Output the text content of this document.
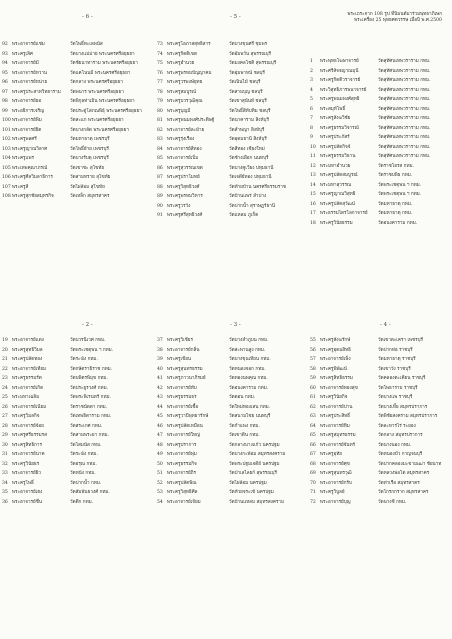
- 6 -	- 5 -	พระเถระจาก 108 รูป ที่นิมนต์มาร่วมพุทธาภิเษก
พระเครื่อง 25 พุทธศตวรรษ เมื่อปี พ.ศ.2500
92 พระอาจารย์แช่ม	วัดโพธิ์ทะเลพนัส
93 พระครูเลิศ	วัดบางแม่ม่าย พระนครศรีอยุธยา
94 พระอาจารย์มี	วัดชัยนาทาราม พระนครศรีอยุธยา
95 พระอาจารย์หวาน	วัดแคโนนมี พระนครศรีอยุธยา
96 พระอาจารย์หน่าย	วัดกลาง พระนครศรีอยุธยา
97 พระครูประสาทวิทยาราม	วัดพนาร พระนครศรีอยุธยา
98 พระอาจารย์ยอ	วัดพิกุลท่าเมิน พระนครศรีอยุธยา
99 พระอธิการเจริญ	วัดประดู่โสภณพิธุ์ พระนครศรีอยุธยา
100 พระอาจารย์พิม	วัดสะแก พระนครศรีอยุธยา
101 พระอาจารย์ยิด	วัดบางกลัด พระนครศรีอยุธยา
102 พระครูพลศรี	วัดมหาธาตุ เพชรบุรี
103 พระครูญาณวิลาศ	วัดโพธิ์ย้าย เพชรบุรี
104 พระครูแพร	วัดบางรับดุ เพชรบุรี
105 พระเทพคุณาภรณ์	วัดเขาชะ สุโขทัย
106 พระครูศีลวิมลาธิการ	วัดสามทราย สุโขทัย
107 พระครูสี	วัดไผ่ล้อม สุโขทัย
108 พระครูสุกชัยสมุทรกิจ	วัดเหล็ก สมุทรสาคร
73 พระครูโอภาสสุทธิสาร	วัดบางขุนศรี ชุมพร
74 พระครูกิตติเขต	วัดอัมพวัน สุพรรณบุรี
75 พระครูอำนวย	วัดมงคลโชติ สุพรรณบุรี
76 พระครูพรหมปัญญาคม	วัดอุ่มพาหน์ ชลบุรี
77 พระครูวรพงษ์ยุทธ	วัดเนินไม้ ชลบุรี
78 พระครูสมบูรณ์	วัดสามบุญ ชลบุรี
79 พระครูบวรวุฒิคุณ	วัดเขาสุนันท์ ชลบุรี
80 พระครูบุญมี	วัดโพธิ์สีทับทิม ชลบุรี
81 พระครูพนมพงศ์ประดิษฐ์	วัดนาคาราม สิงห์บุรี
82 พระอาจารย์ละม้าย	วัดลำพญา สิงห์บุรี
83 พระครูรุ่งเรือง	วัดอุดมธานี สิงห์บุรี
84 พระอาจารย์สีทอง	วัดสีทอง เชียงใหม่
85 พระอาจารย์เบิ่ม	วัดช้างเผือก นนทบุรี
86 พระครูสุวรรณเขต	วัดบางคูเวียง ปทุมธานี
87 พระครูปราโมทย์	วัดเจดีย์ทอง ปทุมธานี
88 พระครูวิสุทธิวงศ์	วัดท้ายบ้าน นครศรีธรรมราช
89 พระครูพรหมวิหาร	วัดบ้านแพร่ ลำปาง
90 พระครูวรวัง	วัดปากน้ำ สุราษฎร์ธานี
91 พระครูศรีสุทธิวงศ์	วัดแหลม ภูเก็ต
1	พระพุทธโฆษาจารย์	วัดสุทัศนเทพวราราม กทม.
2	พระศรีสัจจญาณมุนี	วัดสุทัศนเทพวราราม กทม.
3	พระครูกิตติวราจารย์	วัดสุทัศนเทพวราราม กทม.
4	พระวิสุทธิภารพนาจารย์	วัดสุทัศนเทพวราราม กทม.
5	พระครูพนมพงศ์สุทธิ	วัดสุทัศนเทพวราราม กทม.
6	พระสมุห์โพธิ์	วัดสุทัศนเทพวราราม กทม.
7	พระครูสังฆวิชัย	วัดสุทัศนเทพวราราม กทม.
8	พระครูธรรมวิจารณ์	วัดสุทัศนเทพวราราม กทม.
9	พระครูประภัสร์	วัดสุทัศนเทพวราราม กทม.
10 พระครูปลัดกิจจ์	วัดสุทัศนเทพวราราม กทม.
11 พระครูธรรมวิธาน	วัดสุทัศนเทพวราราม กทม.
12 พระมหาอำนวย	วัดราชโอรส กทม.
13 พระครูปลัดสมบูรณ์	วัดราชบพิธ กทม.
14 พระมหาสุวรรณ	วัดพระเชตุพน ฯ กทม.
15 พระครูญาณวิสุทธิ	วัดพระเชตุพน ฯ กทม.
16 พระครูปลัดสุวัฒน์	วัดมหาธาตุ กทม.
17 พระธรรมไตรโลกาจารย์	วัดมหาธาตุ กทม.
18 พระครูวินัยธรรม	วัดอนงคาราม กทม.
- 2 -	- 3 -	- 4 -
19 พระอาจารย์แดง	วัดบวรนิเวศ กทม.
20 พระครูสุทธิวิมล	วัดพระเชตุพน ฯ กทม.
21 พระครูปลัดทอง	วัดระฆัง กทม.
22 พระอาจารย์เทียม	วัดกษัตราธิราช กทม.
23 พระครูธรรมรัต	วัดบพิตรพิมุข กทม.
24 พระอาจารย์เกิด	วัดประยูรวงศ์ กทม.
25 พระมหาเฉลิม	วัดพระพิเรนทร์ กทม.
26 พระอาจารย์เนียม	วัดราชนัดดา กทม.
27 พระครูวิมลกิจ	วัดเทพธิดาราม กทม.
28 พระอาจารย์จ้อย	วัดสระเกศ กทม.
29 พระครูศรีธรรมรส	วัดสามพระยา กทม.
30 พระครูสิทธิการ	วัดโสมนัส กทม.
31 พระอาจารย์นาค	วัดระฆัง กทม.
32 พระครูวินัยธร	วัดอรุณ กทม.
33 พระอาจารย์ผิว	วัดหนัง กทม.
34 พระครูโพธิ์	วัดปากน้ำ กทม.
35 พระอาจารย์เฮง	วัดสัมพันธวงศ์ กทม.
36 พระอาจารย์ชื่น	วัดตึก กทม.
37 พระครูวิเชียร	วัดบางลำภูบน กทม.
38 พระอาจารย์กลิ่น	วัดสะพานสูง กทม.
39 พระครูเขียน	วัดบางขุนเทียน กทม.
40 พระครูสุนทรธรรม	วัดหนองจอก กทม.
41 พระครูภาวนาภิรมย์	วัดทองนพคุณ กทม.
42 พระอาจารย์ทับ	วัดอนงคาราม กทม.
43 พระครูธรรมธร	วัดดอน กทม.
44 พระอาจารย์เชื้อ	วัดใหม่ทองเสน กทม.
45 พระครูวาปีพุทธารักษ์	วัดสนามไชย นนทบุรี
46 พระครูปลัดเหมือน	วัดกำแพง กทม.
47 พระอาจารย์ใหญ่	วัดเขาดิน กทม.
48 พระครูปราการ	วัดกลางบางแก้ว นครปฐม
49 พระอาจารย์พุ่ม	วัดบางกะพ้อม สมุทรสงคราม
50 พระครูธรรมกิจ	วัดพระปฐมเจดีย์ นครปฐม
51 พระอาจารย์ถิร	วัดป่าเลไลยก์ สุพรรณบุรี
52 พระครูปลัดพิณ	วัดไผ่ล้อม นครปฐม
53 พระครูวิสุทธิศีล	วัดห้วยจระเข้ นครปฐม
54 พระอาจารย์เจียม	วัดบ้านแหลม สมุทรสงคราม
55 พระครูสังฆรักษ์	วัดเขาตะเครา เพชรบุรี
56 พระครูอุดมสิทธิ	วัดปากท่อ ราชบุรี
57 พระอาจารย์เพ็ง	วัดมหาธาตุ ราชบุรี
58 พระครูพิพัฒน์	วัดเขาวัง ราชบุรี
59 พระครูสิทธิธรรม	วัดคลองตะเคียน ราชบุรี
60 พระอาจารย์ทองสุข	วัดโพธาราม ราชบุรี
61 พระครูวินัยกิจ	วัดบางแพ ราชบุรี
62 พระอาจารย์ปาน	วัดบางเหี้ย สมุทรปราการ
63 พระครูประสิทธิ์	วัดพิชัยสงคราม สมุทรปราการ
64 พระอาจารย์ทิม	วัดละหารไร่ ระยอง
65 พระครูสมุทรธรรม	วัดกลาง สมุทรปราการ
66 พระอาจารย์จันทร์	วัดนางนอง กทม.
67 พระครูอุทัย	วัดหนองบัว กาญจนบุรี
68 พระอาจารย์ศุข	วัดปากคลองมะขามเฒ่า ชัยนาท
69 พระครูสุนทรวุฒิ	วัดหลวงพ่อโต สมุทรสาคร
70 พระอาจารย์กรับ	วัดท่าเรือ สมุทรสาคร
71 พระครูวิบูลย์	วัดโกรกกราก สมุทรสาคร
72 พระอาจารย์บุญ	วัดนางชี กทม.
